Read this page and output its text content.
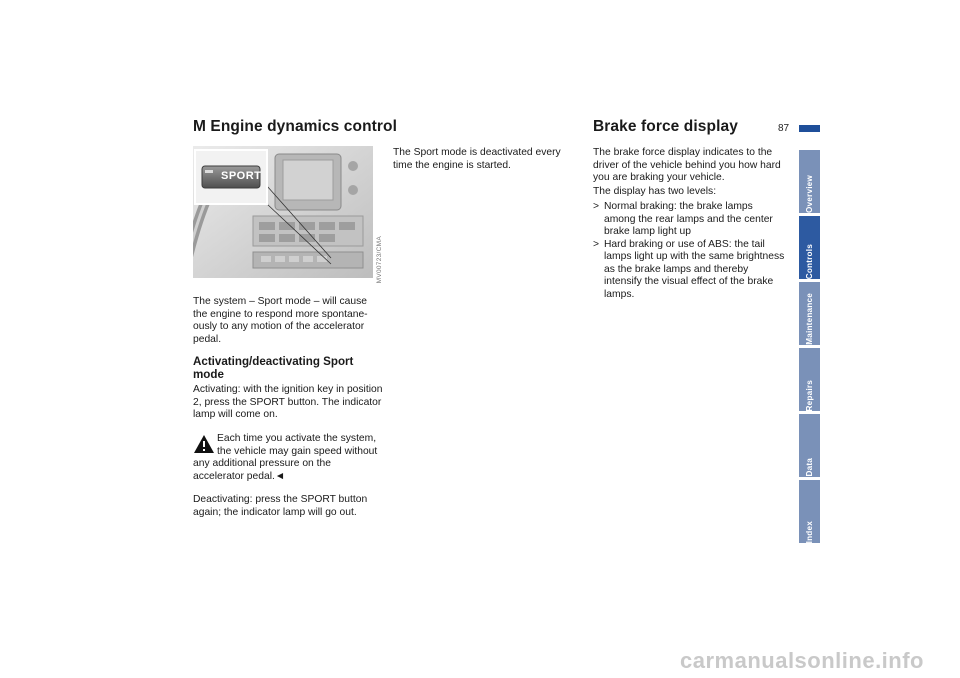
87
Overview
Controls
Maintenance
Repairs
Data
Index
M Engine dynamics control
SPORT
MV00723/CMA
The system – Sport mode – will cause the engine to respond more spontaneously to any motion of the accelerator pedal.
Activating/deactivating Sport mode
Activating: with the ignition key in position 2, press the SPORT button. The indicator lamp will come on.
Each time you activate the system, the vehicle may gain speed without any additional pressure on the accelerator pedal.◄
Deactivating: press the SPORT button again; the indicator lamp will go out.
The Sport mode is deactivated every time the engine is started.
Brake force display
The brake force display indicates to the driver of the vehicle behind you how hard you are braking your vehicle.
The display has two levels:
> Normal braking: the brake lamps among the rear lamps and the center brake lamp light up
> Hard braking or use of ABS: the tail lamps light up with the same brightness as the brake lamps and thereby intensify the visual effect of the brake lamps.
carmanualsonline.info
